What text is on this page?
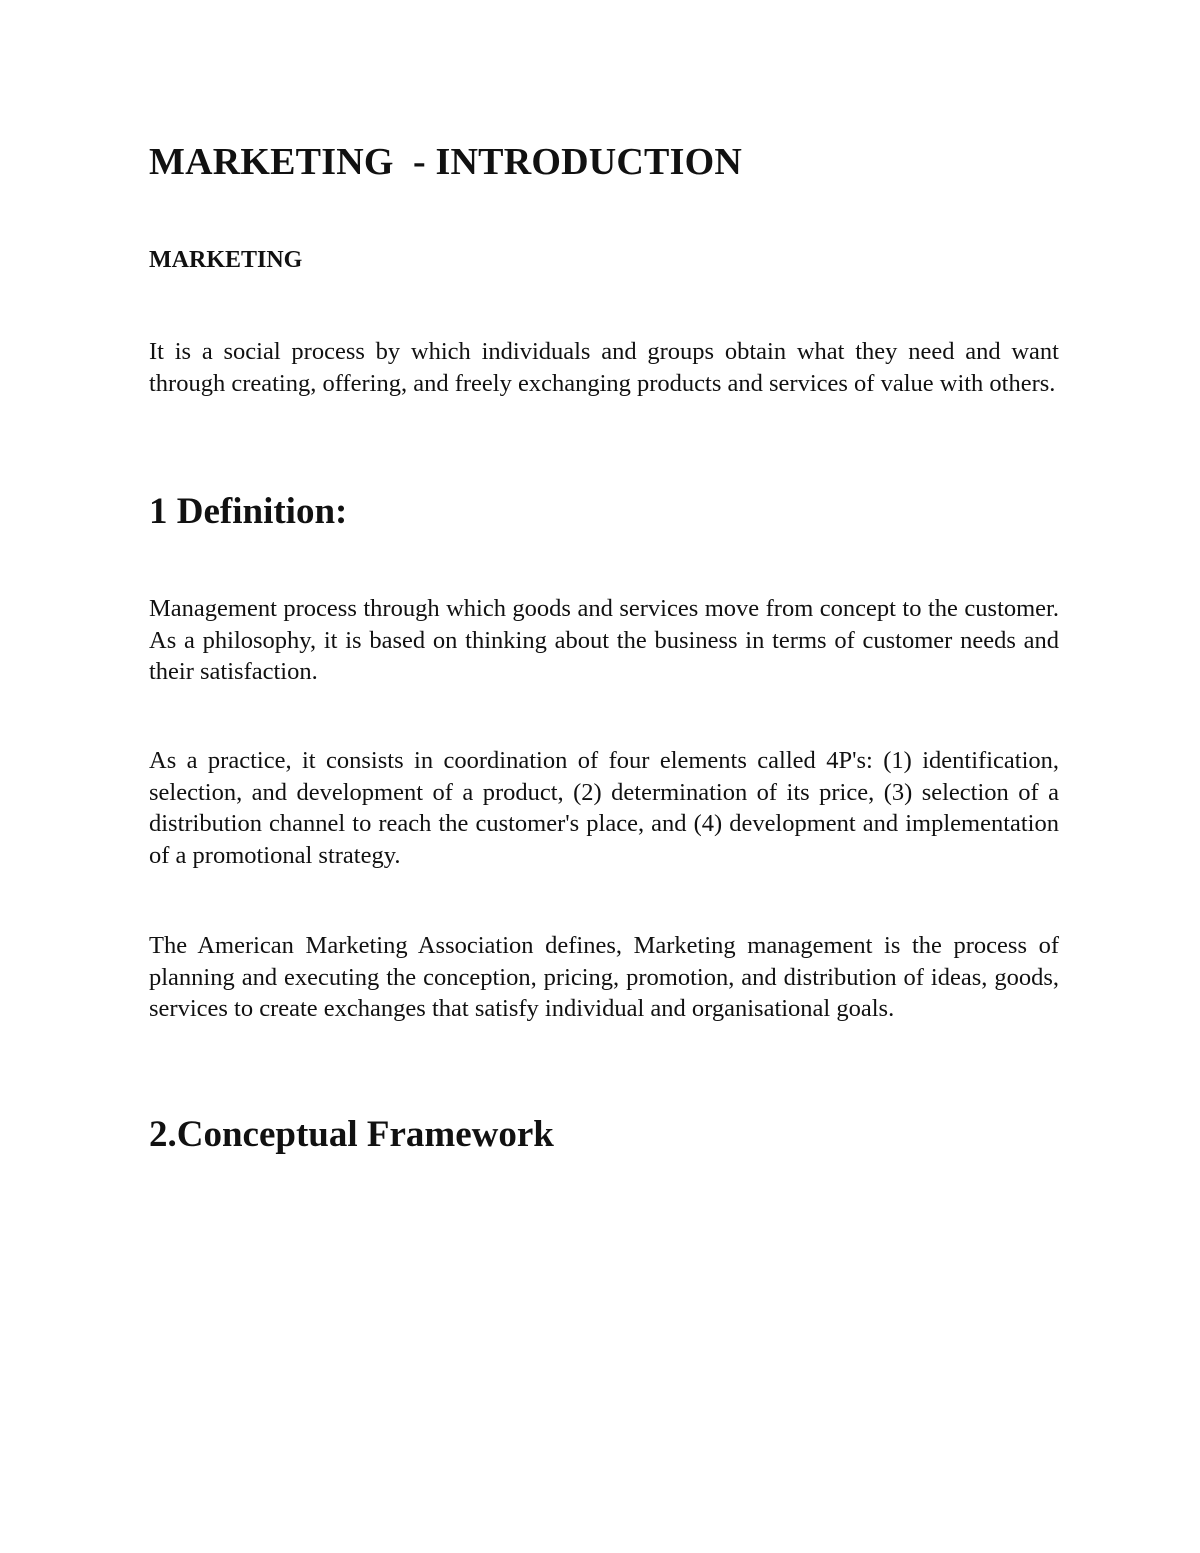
MARKETING  - INTRODUCTION
MARKETING

It is a social process by which individuals and groups obtain what they need and want through creating, offering, and freely exchanging products and services of value with others.

1 Definition:

Management process through which goods and services move from concept to the customer. As a philosophy, it is based on thinking about the business in terms of customer needs and their satisfaction.

As a practice, it consists in coordination of four elements called 4P's: (1) identification, selection, and development of a product, (2) determination of its price, (3) selection of a distribution channel to reach the customer's place, and (4) development and implementation of a promotional strategy.

The American Marketing Association defines, Marketing management is the process of planning and executing the conception, pricing, promotion, and distribution of ideas, goods, services to create exchanges that satisfy individual and organisational goals.

2.Conceptual Framework
